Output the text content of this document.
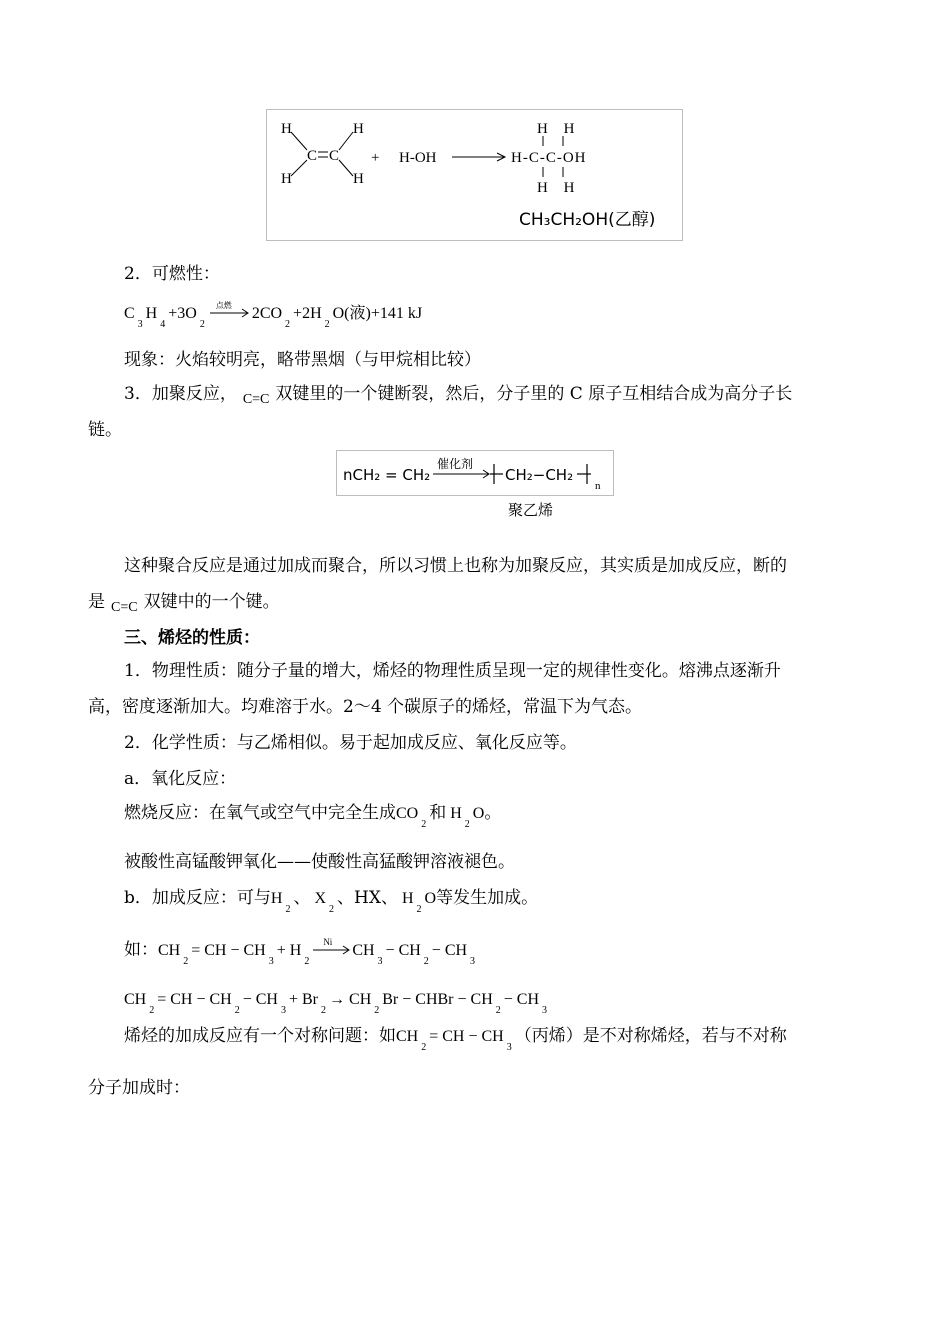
H
H
C C
H
H
+ H-OH
H H
H-C-C-OH
H H
CH₃CH₂OH(乙醇)
2．可燃性：
$C_3H_4+3O_2$
点燃 $2CO_2+2H_2O$(液)+141 kJ
现象：火焰较明亮，略带黑烟（与甲烷相比较）
3．加聚反应， $_{C=C}$ 双键里的一个键断裂，然后，分子里的 C 原子互相结合成为高分子长
链。
nCH₂ = CH₂
催化剂
CH₂−CH₂
n
聚乙烯
这种聚合反应是通过加成而聚合，所以习惯上也称为加聚反应，其实质是加成反应，断的
是 $_{C=C}$ 双键中的一个键。
三、烯烃的性质：
1．物理性质：随分子量的增大，烯烃的物理性质呈现一定的规律性变化。熔沸点逐渐升
高，密度逐渐加大。均难溶于水。2～4 个碳原子的烯烃，常温下为气态。
2．化学性质：与乙烯相似。易于起加成反应、氧化反应等。
a．氧化反应：
燃烧反应：在氧气或空气中完全生成$CO_2$和 $H_2O$。
被酸性高锰酸钾氧化——使酸性高猛酸钾溶液褪色。
b．加成反应：可与$H_2$、 $X_2$、HX、 $H_2O$等发生加成。
如：$CH_2=$ CH − $CH_3+ H_2$
Ni $CH_3- CH_2- CH_3$
$CH_2=$ CH − $CH_2- CH_3+ Br_2\to CH_2Br$ − CHBr − $CH_2- CH_3$
烯烃的加成反应有一个对称问题：如$CH_2=$ CH − $CH_3$（丙烯）是不对称烯烃，若与不对称
分子加成时：
